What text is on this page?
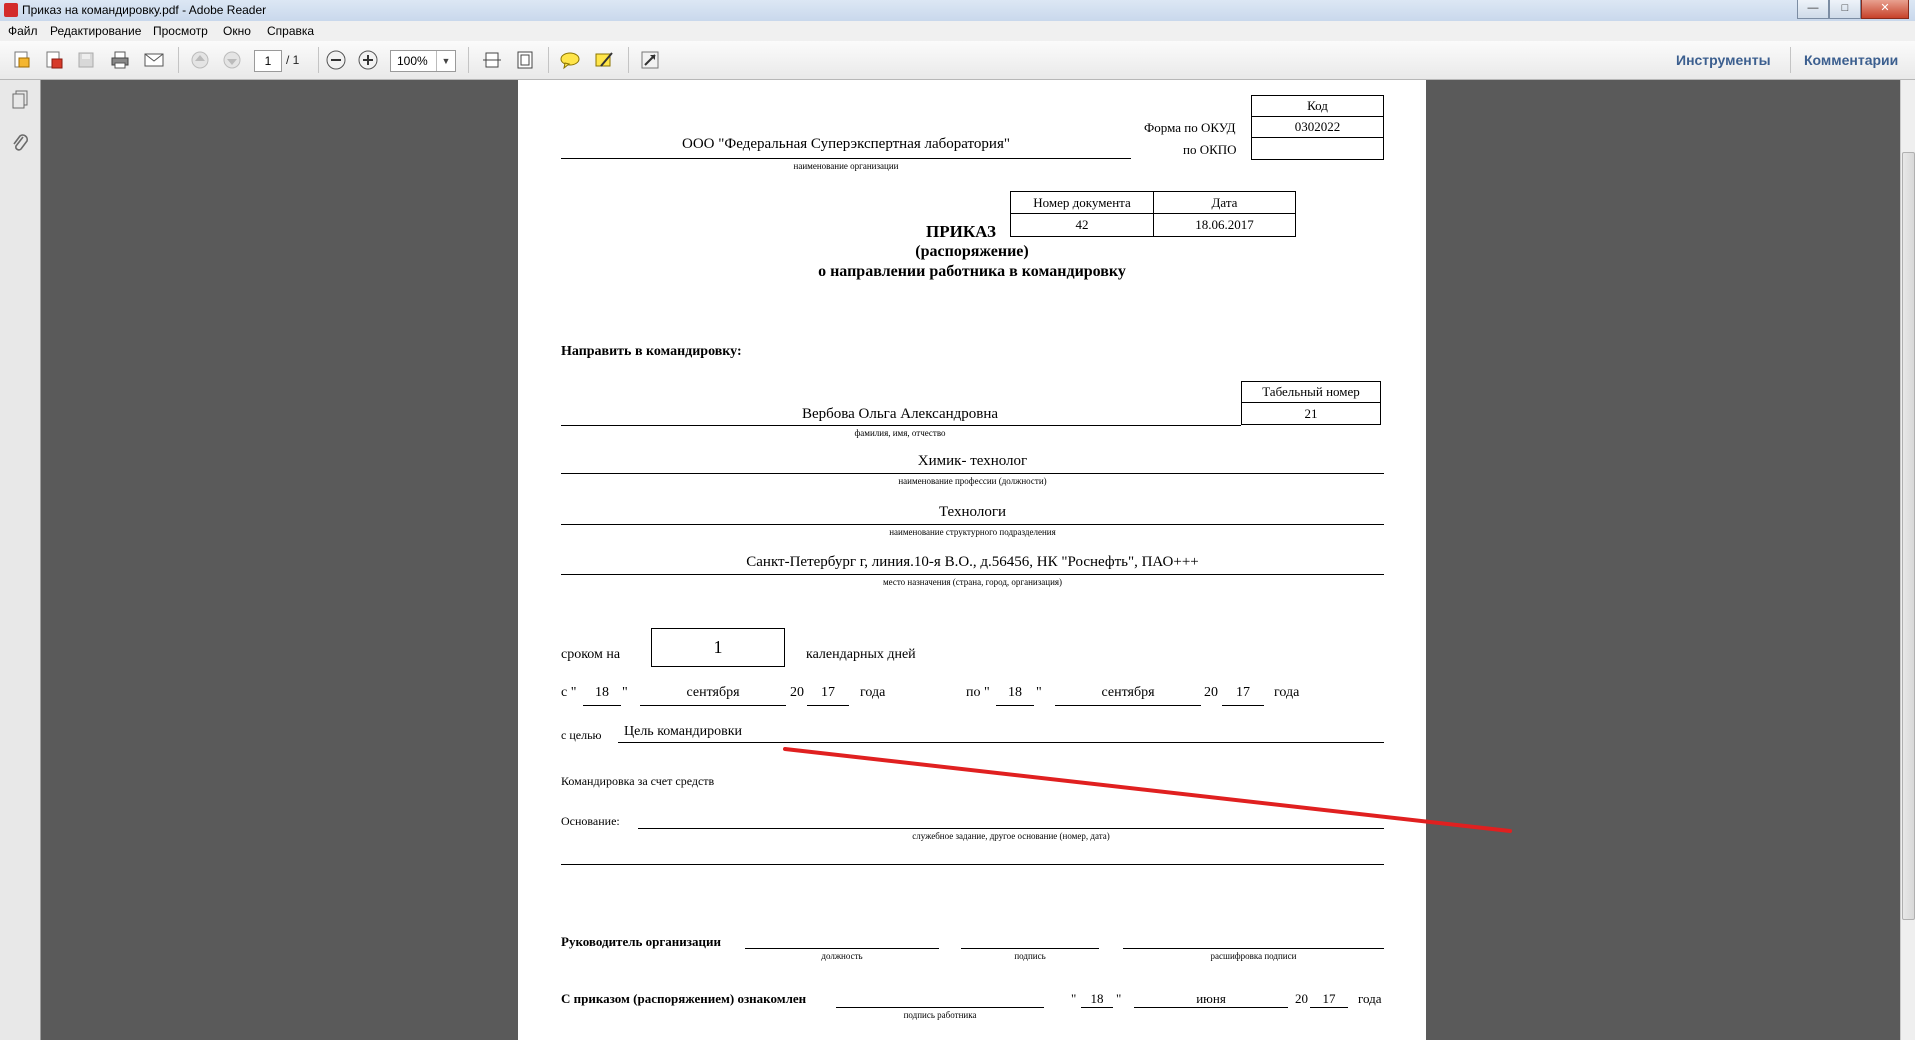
Приказ на командировку.pdf - Adobe Reader	—	□	✕
Файл Редактирование Просмотр Окно Справка
1	/ 1	100%	▼	Инструменты Комментарии
Код
0302022
Форма по ОКУД
по ОКПО
ООО "Федеральная Суперэкспертная лаборатория"
наименование организации
Номер документа	Дата
42	18.06.2017
ПРИКАЗ
(распоряжение)
о направлении работника в командировку
Направить в командировку:
Табельный номер
21
Вербова Ольга Александровна
фамилия, имя, отчество
Химик- технолог
наименование профессии (должности)
Технологи
наименование структурного подразделения
Санкт-Петербург г, линия.10-я В.О., д.56456, НК "Роснефть", ПАО+++
место назначения (страна, город, организация)
сроком на	1	календарных дней
с "	18 "	сентября	20	17	года	по "	18	"	сентября	20	17	года
с целью Цель командировки
Командировка за счет средств
Основание:
служебное задание, другое основание (номер, дата)
Руководитель организации
должность	подпись	расшифровка подписи
С приказом (распоряжением) ознакомлен
подпись работника
"	18 "	июня	20	17	года
